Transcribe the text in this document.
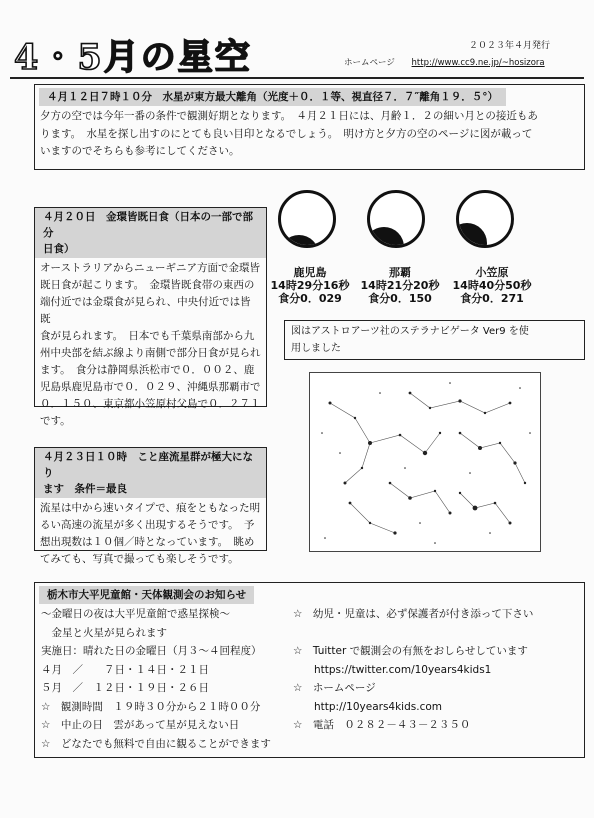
4・5月の星空	２０２３年４月発行
ホームページ http://www.cc9.ne.jp/~hosizora
４月１２日７時１０分　水星が東方最大離角（光度＋０．１等、視直径７．７″離角１９．５°）
夕方の空では今年一番の条件で観測好期となります。　４月２１日には、月齢１．２の細い月との接近もあ
ります。　水星を探し出すのにとても良い目印となるでしょう。　明け方と夕方の空のページに図が載って
いますのでそちらも参考にしてください。
４月２０日　金環皆既日食（日本の一部で部分
日食）
オーストラリアからニューギニア方面で金環皆
既日食が起こります。　金環皆既食帯の東西の
端付近では金環食が見られ、中央付近では皆既
食が見られます。　日本でも千葉県南部から九
州中央部を結ぶ線より南側で部分日食が見られ
ます。　食分は静岡県浜松市で０．００２、鹿
児島県鹿児島市で０．０２９、沖縄県那覇市で
０．１５０、東京都小笠原村父島で０．２７１
です。
鹿児島
14時29分16秒
食分0．029
那覇
14時21分20秒
食分0．150
小笠原
14時40分50秒
食分0．271
図はアストロアーツ社のステラナビゲータ Ver9 を使
用しました
４月２３日１０時　こと座流星群が極大になり
ます　条件＝最良
流星は中から速いタイプで、痕をともなった明
るい高速の流星が多く出現するそうです。　予
想出現数は１０個／時となっています。　眺め
てみても、写真で撮っても楽しそうです。
栃木市大平児童館・天体観測会のお知らせ
～金曜日の夜は大平児童館で惑星探検～
　金星と火星が見られます
実施日：晴れた日の金曜日（月３～４回程度）
４月　／　　７日・１４日・２１日
５月　／　１２日・１９日・２６日
☆　観測時間　１９時３０分から２１時００分
☆　中止の日　雲があって星が見えない日
☆　どなたでも無料で自由に観ることができます
☆　幼児・児童は、必ず保護者が付き添って下さい
☆　Tuitter で観測会の有無をおしらせしています
　　https://twitter.com/10years4kids1
☆　ホームページ
　　http://10years4kids.com
☆　電話　０２８２－４３－２３５０
